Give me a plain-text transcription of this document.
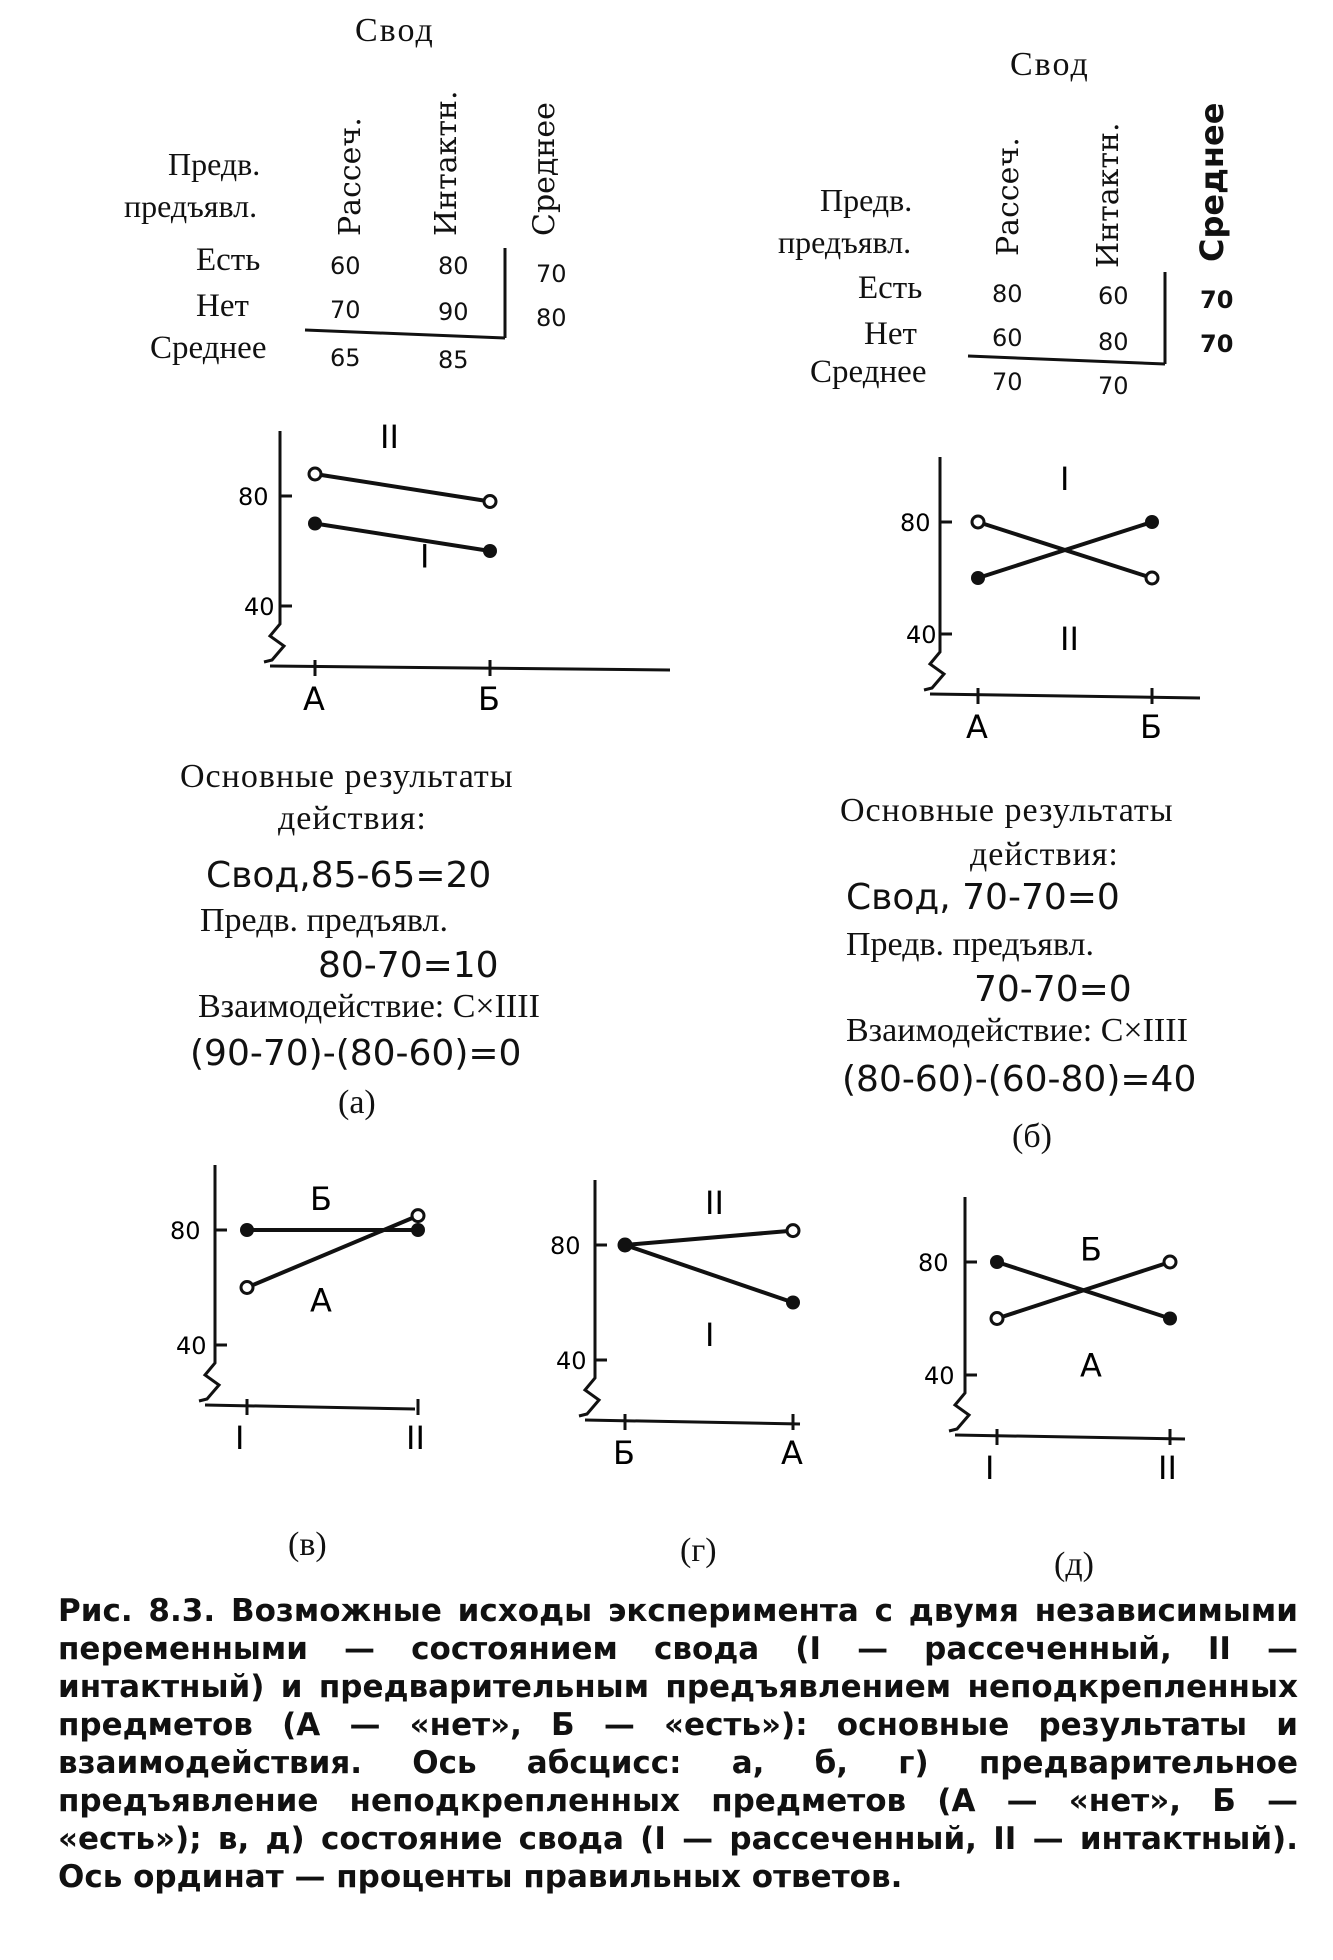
Свод
Рассеч. Интактн. Среднее
Предв.
предъявл.
Есть	60	80	70
Нет	70	90	80
Среднее	65	85
Свод
Рассеч. Интактн. Среднее
Предв.
предъявл.
Есть	80	60	70
Нет	60	80	70
Среднее	70	70
Основные результаты
действия:
Свод,85-65=20
Предв. предъявл.
80-70=10
Взаимодействие: C×IIII
(90-70)-(80-60)=0
(а)
Основные результаты
действия:
Свод, 70-70=0
Предв. предъявл.
70-70=0
Взаимодействие: C×IIII
(80-60)-(60-80)=40
(б)
80
40
А	Б
II
I
80
40
А	Б
I
II
80
40
I	II
Б
А
80
40
Б	А
II
I
80
40
I	II
Б
А
(в)	(г)	(д)
Рис. 8.3. Возможные исходы эксперимента с двумя независимыми переменными — состоянием свода (I — рассеченный, II — интактный) и предварительным предъявлением неподкрепленных предметов (А — «нет», Б — «есть»): основные результаты и взаимодействия. Ось абсцисс: а, б, г) предварительное предъявление неподкрепленных предметов (А — «нет», Б — «есть»); в, д) состояние свода (I — рассеченный, II — интактный). Ось ординат — проценты правильных ответов.
